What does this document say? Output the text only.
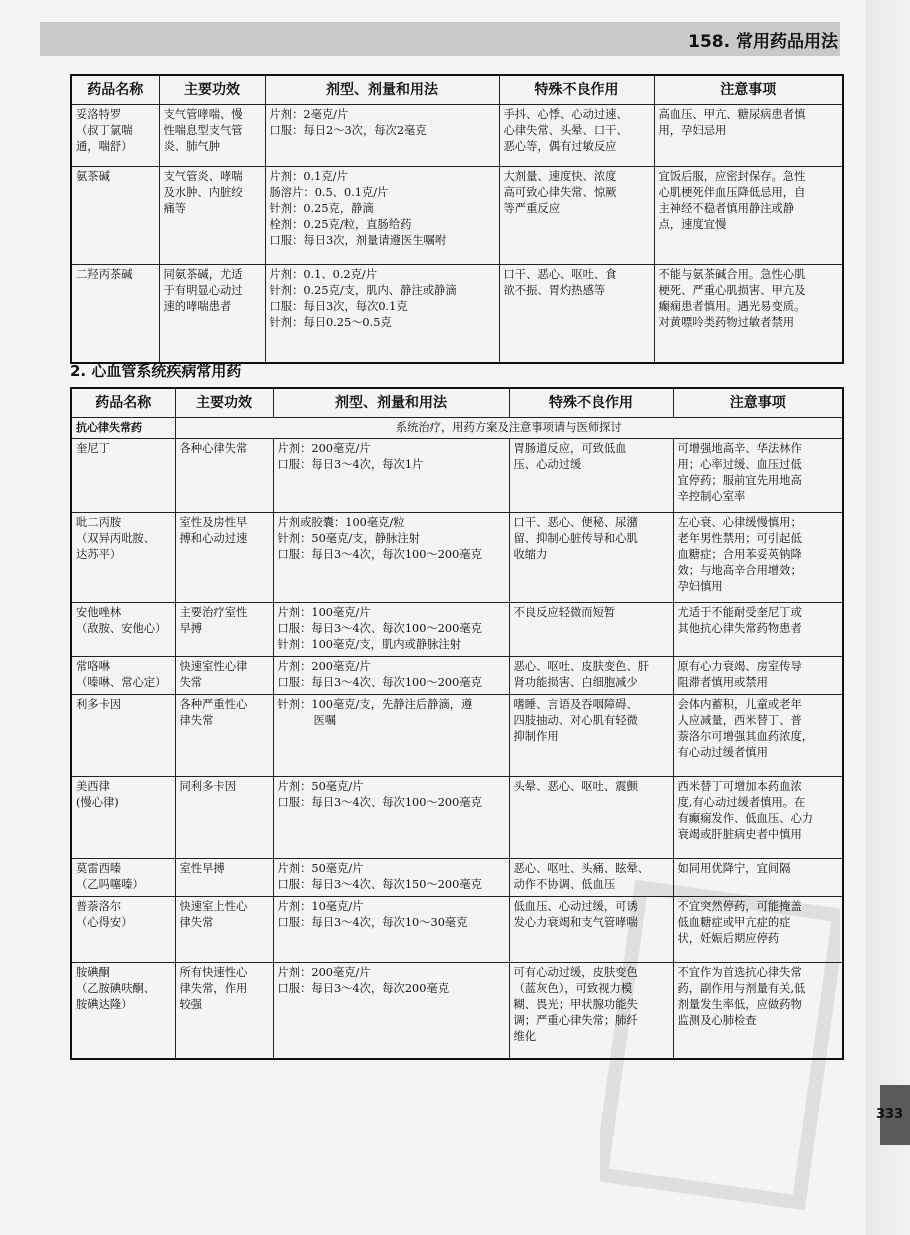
158. 常用药品用法
333
药品名称	主要功效	剂型、剂量和用法	特殊不良作用	注意事项

妥洛特罗
（叔丁氯喘
通，喘舒）	支气管哮喘、慢
性喘息型支气管
炎、肺气肿	片剂：2毫克/片
口服：每日2～3次，每次2毫克	手抖、心悸、心动过速、
心律失常、头晕、口干、
恶心等，偶有过敏反应	高血压、甲亢、糖尿病患者慎
用，孕妇忌用

氨茶碱	支气管炎、哮喘
及水肿、内脏绞
痛等	片剂：0.1克/片
肠溶片：0.5、0.1克/片
针剂：0.25克，静滴
栓剂：0.25克/粒，直肠给药
口服：每日3次，剂量请遵医生嘱咐	大剂量、速度快、浓度
高可致心律失常、惊厥
等严重反应	宜饭后服，应密封保存。急性
心肌梗死伴血压降低忌用，自
主神经不稳者慎用静注或静
点，速度宜慢

二羟丙茶碱	同氨茶碱，尤适
于有明显心动过
速的哮喘患者	片剂：0.1、0.2克/片
针剂：0.25克/支，肌内、静注或静滴
口服：每日3次，每次0.1克
针剂：每日0.25～0.5克	口干、恶心、呕吐、食
欲不振、胃灼热感等	不能与氨茶碱合用。急性心肌
梗死、严重心肌损害、甲亢及
癫痫患者慎用。遇光易变质。
对黄嘌呤类药物过敏者禁用
2. 心血管系统疾病常用药
药品名称	主要功效	剂型、剂量和用法	特殊不良作用	注意事项
抗心律失常药	系统治疗，用药方案及注意事项请与医师探讨			

奎尼丁	各种心律失常	片剂：200毫克/片
口服：每日3～4次，每次1片	胃肠道反应，可致低血
压、心动过缓	可增强地高辛、华法林作
用；心率过缓、血压过低
宜停药；服前宜先用地高
辛控制心室率

吡二丙胺
（双异丙吡胺、
达苏平）	室性及房性早
搏和心动过速	片剂或胶囊：100毫克/粒
针剂：50毫克/支，静脉注射
口服：每日3～4次，每次100～200毫克	口干、恶心、便秘、尿潴
留、抑制心脏传导和心肌
收缩力	左心衰、心律缓慢慎用；
老年男性禁用；可引起低
血糖症；合用苯妥英钠降
效；与地高辛合用增效；
孕妇慎用

安他唑林
（敌胺、安他心）	主要治疗室性
早搏	片剂：100毫克/片
口服：每日3～4次、每次100～200毫克
针剂：100毫克/支，肌内或静脉注射	不良反应轻微而短暂	尤适于不能耐受奎尼丁或
其他抗心律失常药物患者

常咯啉
（嗪啉、常心定）	快速室性心律
失常	片剂：200毫克/片
口服：每日3～4次、每次100～200毫克	恶心、呕吐、皮肤变色、肝
肾功能损害、白细胞减少	原有心力衰竭、房室传导
阻滞者慎用或禁用

利多卡因	各种严重性心
律失常	针剂：100毫克/支，先静注后静滴，遵
医嘱	嗜睡、言语及吞咽障碍、
四肢抽动、对心肌有轻微
抑制作用	会体内蓄积，儿童或老年
人应减量，西米替丁、普
萘洛尔可增强其血药浓度，
有心动过缓者慎用

美西律
(慢心律)	同利多卡因	片剂：50毫克/片
口服：每日3～4次、每次100～200毫克	头晕、恶心、呕吐、震颤	西米替丁可增加本药血浓
度,有心动过缓者慎用。在
有癫痫发作、低血压、心力
衰竭或肝脏病史者中慎用

莫雷西嗪
（乙吗噻嗪）	室性早搏	片剂：50毫克/片
口服：每日3～4次、每次150～200毫克	恶心、呕吐、头痛、眩晕、
动作不协调、低血压	如同用优降宁，宜间隔

普萘洛尔
（心得安）	快速室上性心
律失常	片剂：10毫克/片
口服：每日3～4次，每次10～30毫克	低血压、心动过缓，可诱
发心力衰竭和支气管哮喘	不宜突然停药，可能掩盖
低血糖症或甲亢症的症
状，妊娠后期应停药

胺碘酮
（乙胺碘呋酮、
胺碘达隆）	所有快速性心
律失常，作用
较强	片剂：200毫克/片
口服：每日3～4次，每次200毫克	可有心动过缓，皮肤变色
（蓝灰色），可致视力模
糊、畏光；甲状腺功能失
调；严重心律失常；肺纤
维化	不宜作为首选抗心律失常
药，副作用与剂量有关,低
剂量发生率低，应做药物
监测及心肺检查
